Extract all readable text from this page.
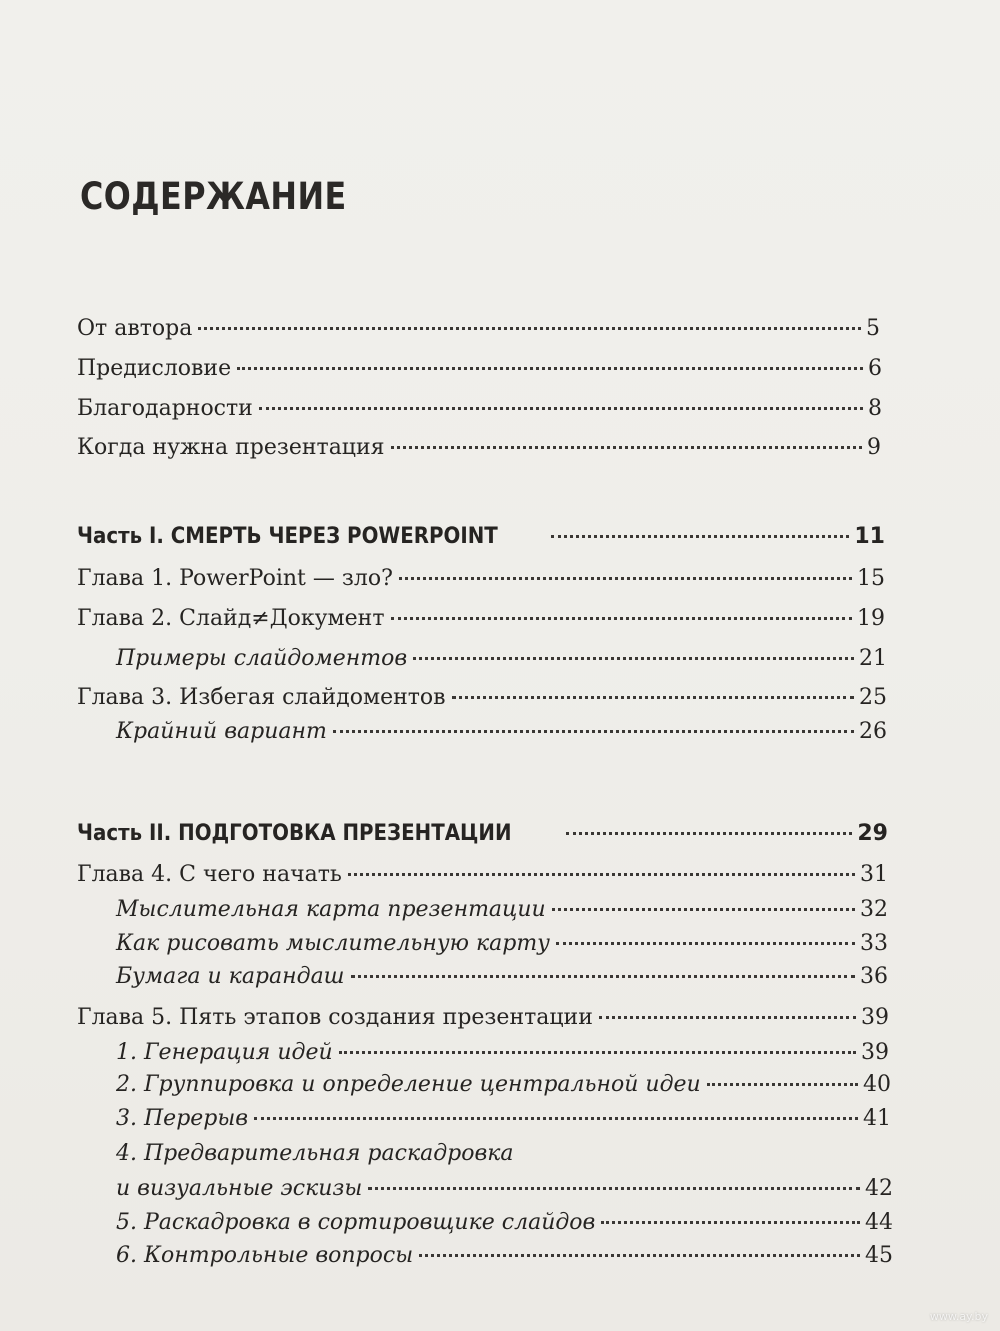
СОДЕРЖАНИЕ
От автора	5
Предисловие	6
Благодарности	8
Когда нужна презентация	9
Часть I. СМЕРТЬ ЧЕРЕЗ POWERPOINT	11
Глава 1. PowerPoint — зло?	15
Глава 2. Слайд≠Документ	19
Примеры слайдоментов	21
Глава 3. Избегая слайдоментов	25
Крайний вариант	26
Часть II. ПОДГОТОВКА ПРЕЗЕНТАЦИИ	29
Глава 4. С чего начать	31
Мыслительная карта презентации	32
Как рисовать мыслительную карту	33
Бумага и карандаш	36
Глава 5. Пять этапов создания презентации	39
1. Генерация идей	39
2. Группировка и определение центральной идеи	40
3. Перерыв	41
4. Предварительная раскадровка
и визуальные эскизы	42
5. Раскадровка в сортировщике слайдов	44
6. Контрольные вопросы	45
www.ay.by
